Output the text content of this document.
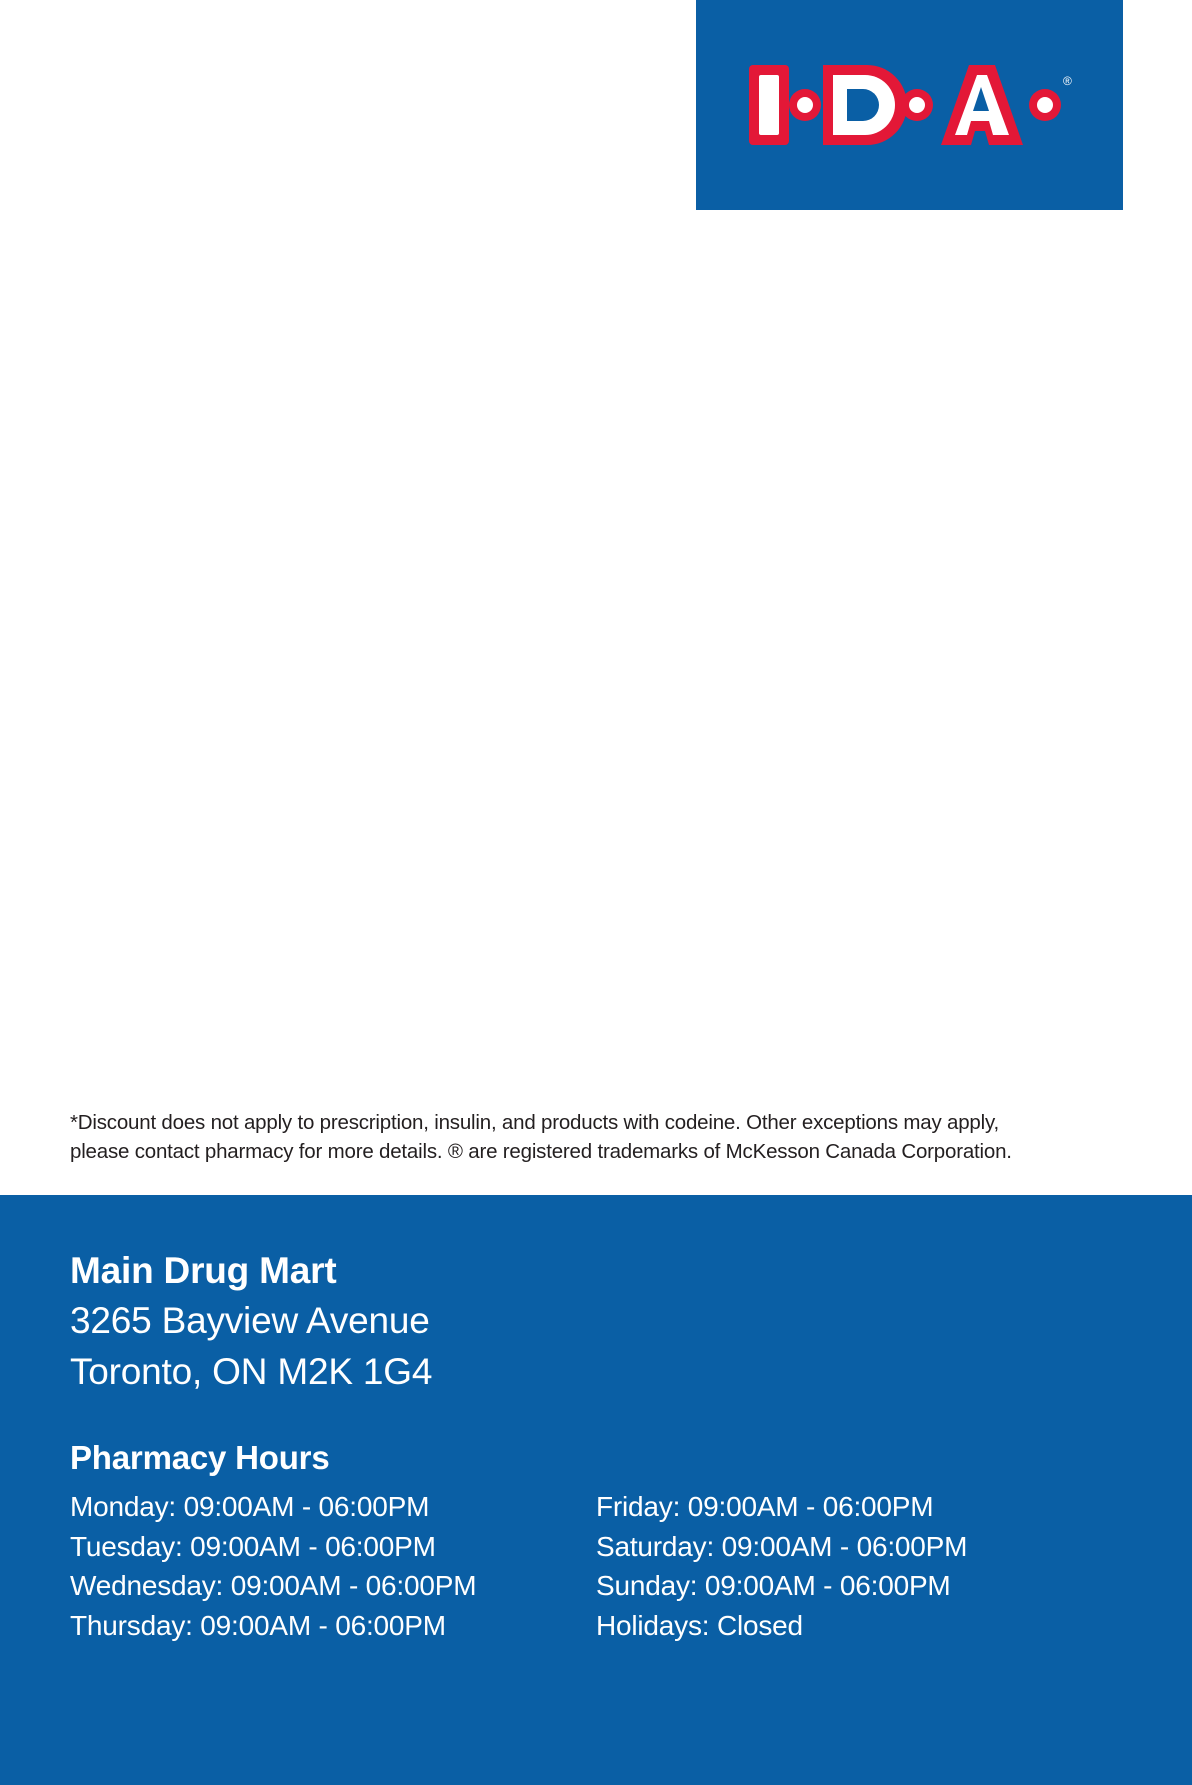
®
*Discount does not apply to prescription, insulin, and products with codeine. Other exceptions may apply,
please contact pharmacy for more details. ® are registered trademarks of McKesson Canada Corporation.
Main Drug Mart
3265 Bayview Avenue
Toronto, ON M2K 1G4
Pharmacy Hours
Monday: 09:00AM - 06:00PM
Tuesday: 09:00AM - 06:00PM
Wednesday: 09:00AM - 06:00PM
Thursday: 09:00AM - 06:00PM
Friday: 09:00AM - 06:00PM
Saturday: 09:00AM - 06:00PM
Sunday: 09:00AM - 06:00PM
Holidays: Closed
